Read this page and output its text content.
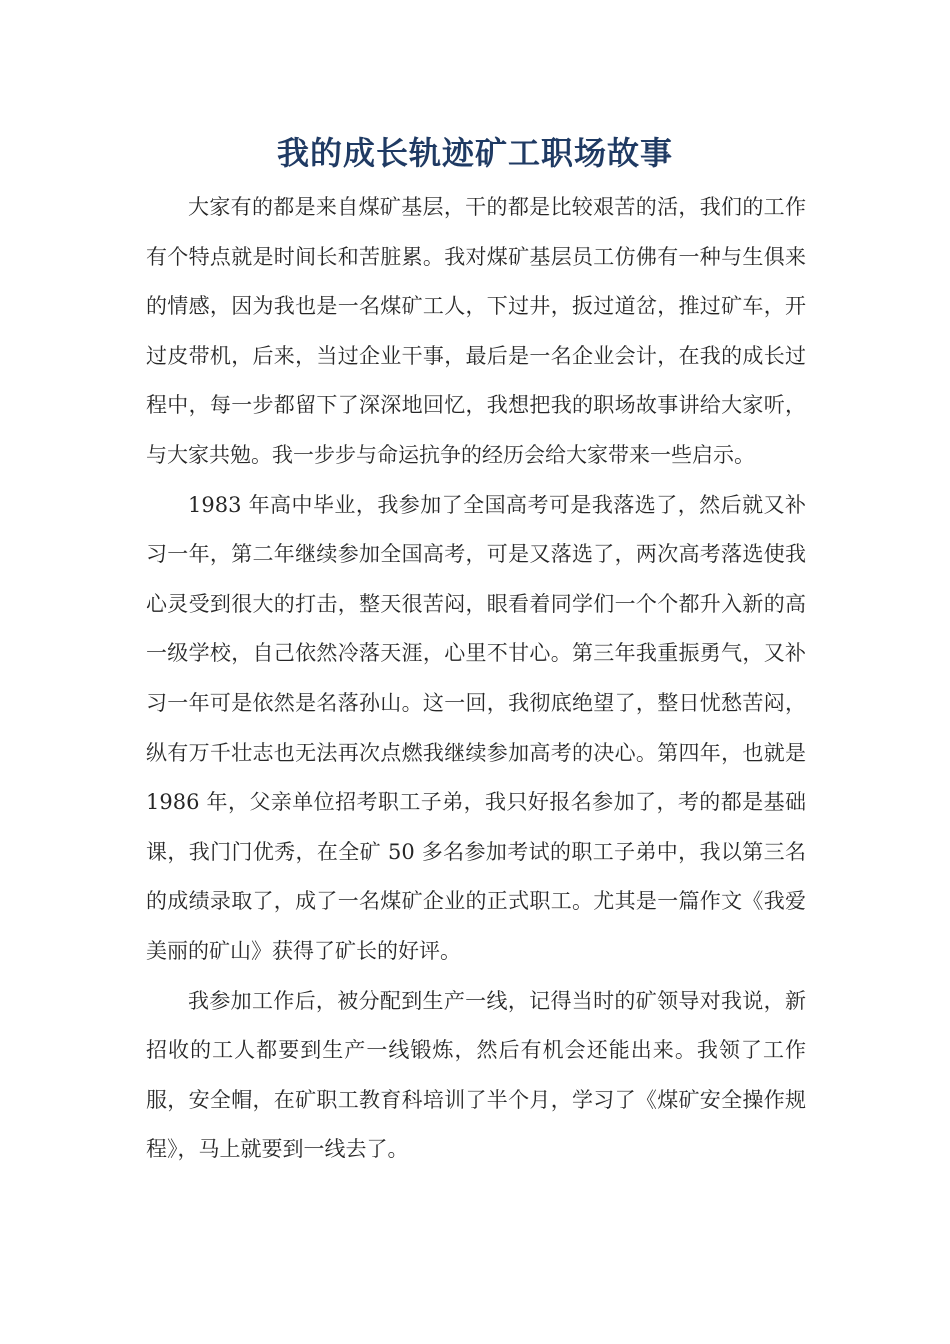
我的成长轨迹矿工职场故事

大家有的都是来自煤矿基层，干的都是比较艰苦的活，我们的工作有个特点就是时间长和苦脏累。我对煤矿基层员工仿佛有一种与生俱来的情感，因为我也是一名煤矿工人，下过井，扳过道岔，推过矿车，开过皮带机，后来，当过企业干事，最后是一名企业会计，在我的成长过程中，每一步都留下了深深地回忆，我想把我的职场故事讲给大家听，与大家共勉。我一步步与命运抗争的经历会给大家带来一些启示。

1983 年高中毕业，我参加了全国高考可是我落选了，然后就又补习一年，第二年继续参加全国高考，可是又落选了，两次高考落选使我心灵受到很大的打击，整天很苦闷，眼看着同学们一个个都升入新的高一级学校，自己依然冷落天涯，心里不甘心。第三年我重振勇气，又补习一年可是依然是名落孙山。这一回，我彻底绝望了，整日忧愁苦闷，纵有万千壮志也无法再次点燃我继续参加高考的决心。第四年，也就是 1986 年，父亲单位招考职工子弟，我只好报名参加了，考的都是基础课，我门门优秀，在全矿 50 多名参加考试的职工子弟中，我以第三名的成绩录取了，成了一名煤矿企业的正式职工。尤其是一篇作文《我爱美丽的矿山》获得了矿长的好评。

我参加工作后，被分配到生产一线，记得当时的矿领导对我说，新招收的工人都要到生产一线锻炼，然后有机会还能出来。我领了工作服，安全帽，在矿职工教育科培训了半个月，学习了《煤矿安全操作规程》，马上就要到一线去了。
